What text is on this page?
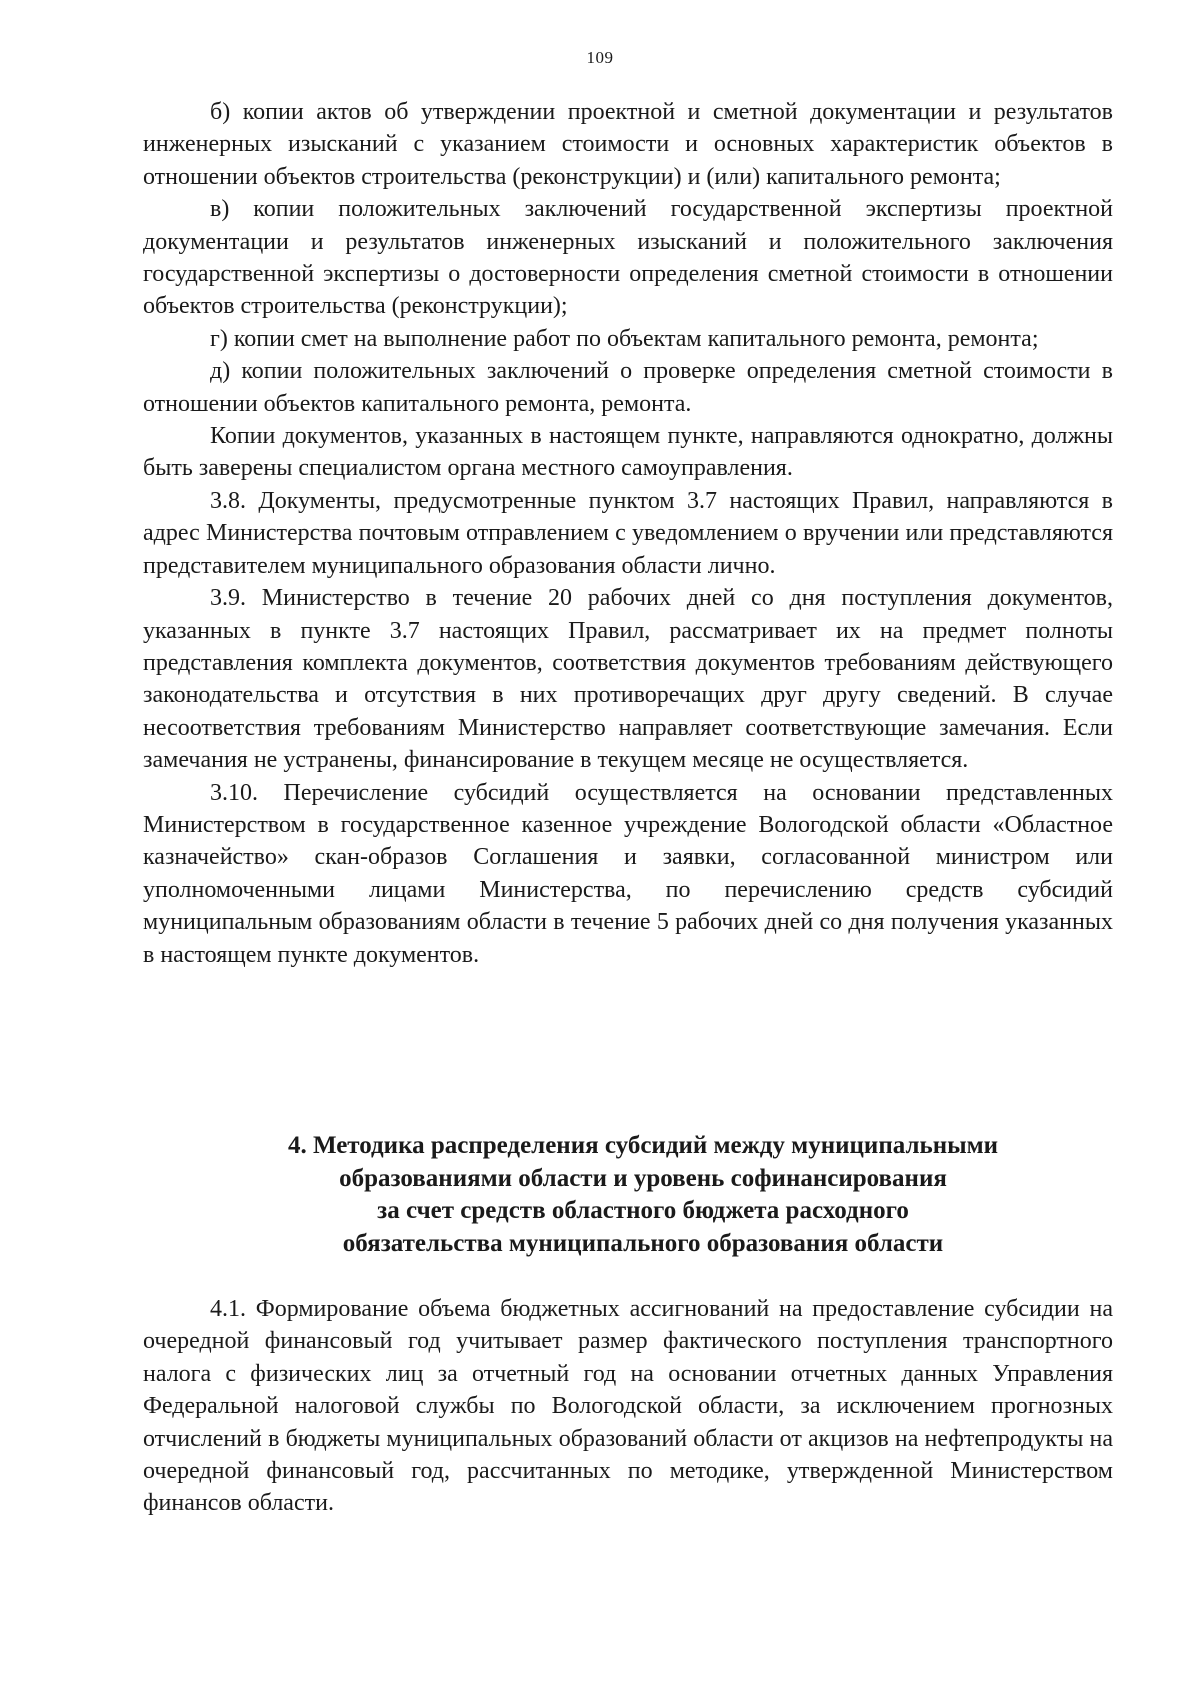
109

б) копии актов об утверждении проектной и сметной документации и результатов инженерных изысканий с указанием стоимости и основных характеристик объектов в отношении объектов строительства (реконструкции) и (или) капитального ремонта;

в) копии положительных заключений государственной экспертизы проектной документации и результатов инженерных изысканий и положительного заключения государственной экспертизы о достоверности определения сметной стоимости в отношении объектов строительства (реконструкции);

г) копии смет на выполнение работ по объектам капитального ремонта, ремонта;

д) копии положительных заключений о проверке определения сметной стоимости в отношении объектов капитального ремонта, ремонта.

Копии документов, указанных в настоящем пункте, направляются однократно, должны быть заверены специалистом органа местного самоуправления.

3.8. Документы, предусмотренные пунктом 3.7 настоящих Правил, направляются в адрес Министерства почтовым отправлением с уведомлением о вручении или представляются представителем муниципального образования области лично.

3.9. Министерство в течение 20 рабочих дней со дня поступления документов, указанных в пункте 3.7 настоящих Правил, рассматривает их на предмет полноты представления комплекта документов, соответствия документов требованиям действующего законодательства и отсутствия в них противоречащих друг другу сведений. В случае несоответствия требованиям Министерство направляет соответствующие замечания. Если замечания не устранены, финансирование в текущем месяце не осуществляется.

3.10. Перечисление субсидий осуществляется на основании представленных Министерством в государственное казенное учреждение Вологодской области «Областное казначейство» скан-образов Соглашения и заявки, согласованной министром или уполномоченными лицами Министерства, по перечислению средств субсидий муниципальным образованиям области в течение 5 рабочих дней со дня получения указанных в настоящем пункте документов.

4. Методика распределения субсидий между муниципальными
образованиями области и уровень софинансирования
за счет средств областного бюджета расходного
обязательства муниципального образования области

4.1. Формирование объема бюджетных ассигнований на предоставление субсидии на очередной финансовый год учитывает размер фактического поступления транспортного налога с физических лиц за отчетный год на основании отчетных данных Управления Федеральной налоговой службы по Вологодской области, за исключением прогнозных отчислений в бюджеты муниципальных образований области от акцизов на нефтепродукты на очередной финансовый год, рассчитанных по методике, утвержденной Министерством финансов области.
